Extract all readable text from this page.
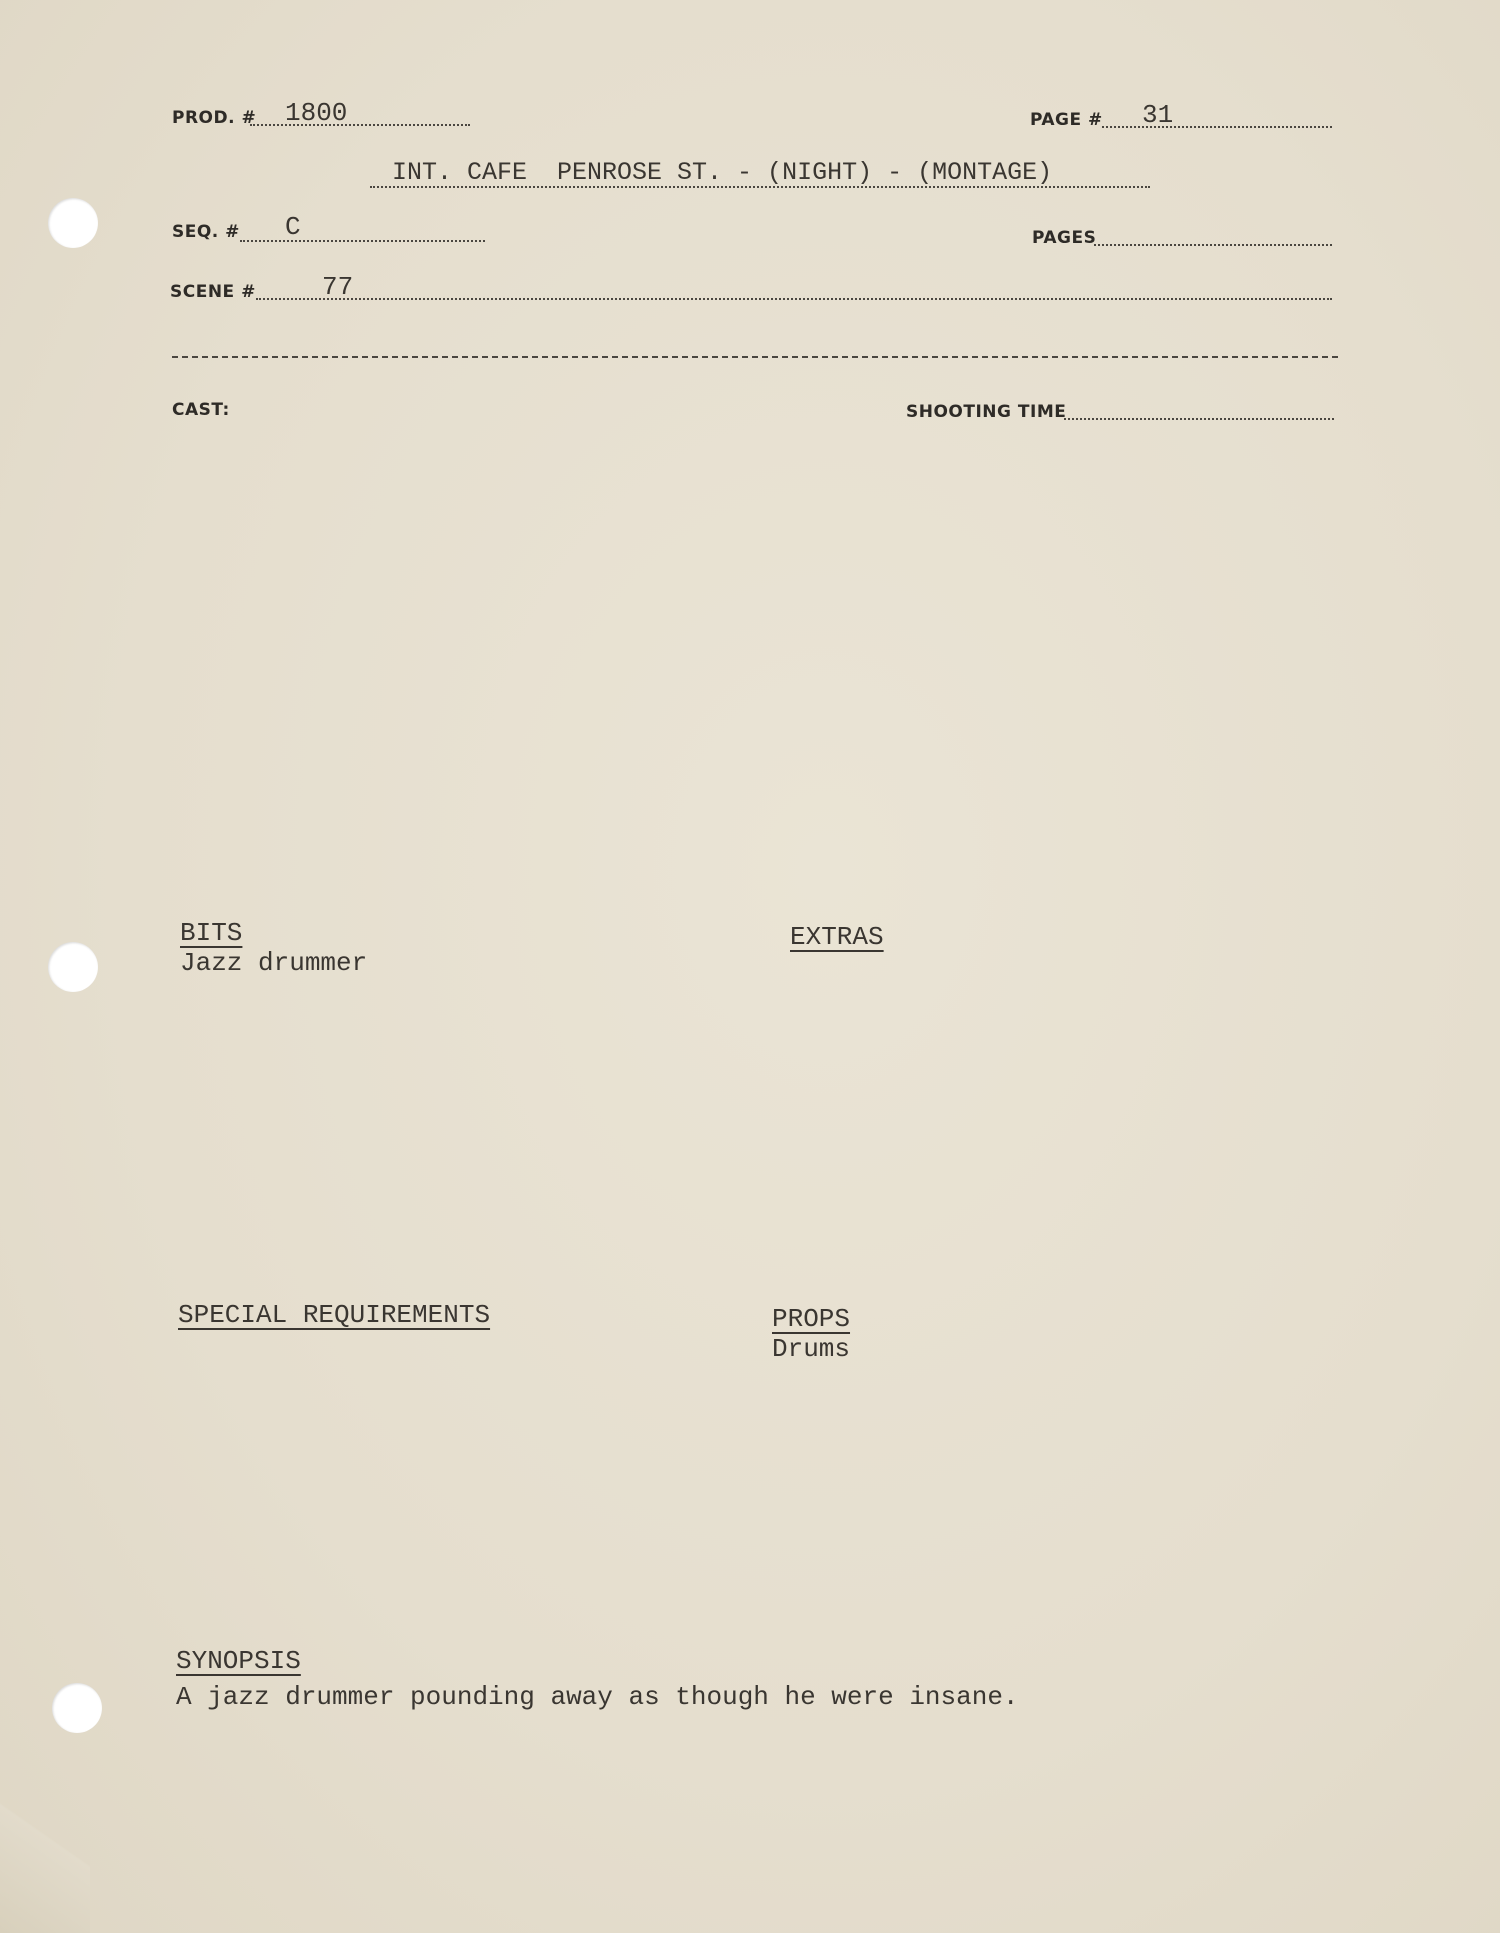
PROD. # 1800	PAGE # 31
INT. CAFE  PENROSE ST. - (NIGHT) - (MONTAGE)
SEQ. # C	PAGES
SCENE #	77
CAST:	SHOOTING TIME
BITS
Jazz drummer
EXTRAS
SPECIAL REQUIREMENTS	PROPS
Drums
SYNOPSIS
A jazz drummer pounding away as though he were insane.
